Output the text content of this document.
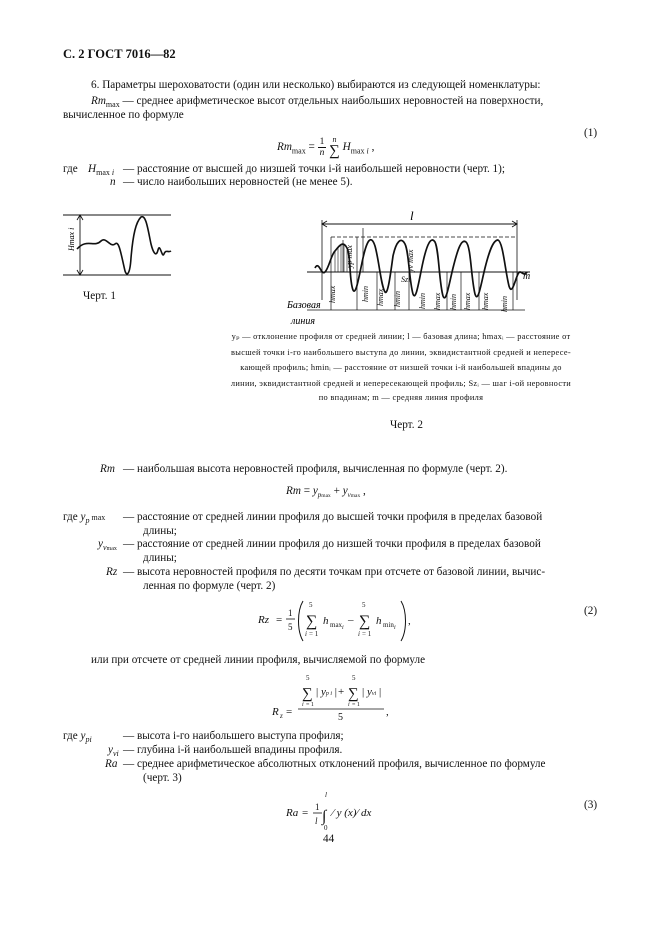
С. 2 ГОСТ 7016—82
6. Параметры шероховатости (один или несколько) выбираются из следующей номенклатуры:
$Rm_{max}$ — среднее арифметическое высот отдельных наибольших неровностей на поверхности,
вычисленное по формуле
$Rm_{max} = 1$
n n
∑ $H_{max i}$ ,
(1)
где $H_{max i}$ — расстояние от высшей до низшей точки i-й наибольшей неровности (черт. 1);
n — число наибольших неровностей (не менее 5).
Hmax i
Черт. 1
l
m
hmax
yp max
hmin hmax
Szi
hmin
yv max
hmin hmax hmin hmax hmax hmin
Базовая
линия
yₚ — отклонение профиля от средней линии; l — базовая длина; hmaxᵢ — расстояние от
высшей точки i-го наибольшего выступа до линии, эквидистантной средней и непересе-
кающей профиль; hminᵢ — расстояние от низшей точки i-й наибольшей впадины до
линии, эквидистантной средней и непересекающей профиль; Szᵢ — шаг i-ой неровности
по впадинам; m — средняя линия профиля
Черт. 2
Rm — наибольшая высота неровностей профиля, вычисленная по формуле (черт. 2).
$Rm = y_{pmax} + y_{vmax}$ ,
где $y_p$ max — расстояние от средней линии профиля до высшей точки профиля в пределах базовой
длины;
$y_{vmax}$ — расстояние от средней линии профиля до низшей точки профиля в пределах базовой
длины;
Rz — высота неровностей профиля по десяти точкам при отсчете от базовой линии, вычис-
ленная по формуле (черт. 2)
Rz =
1
5
5
∑
i = 1
h max i
–
5
∑
i = 1
h min i
,
(2)
или при отсчете от средней линии профиля, вычисляемой по формуле
R z =
5
∑
i = 1
| yp i | +
5
∑
i = 1
| yvi |
5	,
где $y_{pi}$	— высота i-го наибольшего выступа профиля;
$y_{vi}$ — глубина i-й наибольшей впадины профиля.
Ra — среднее арифметическое абсолютных отклонений профиля, вычисленное по формуле
(черт. 3)
Ra = 1
l
l
∫
0
⁄ y (x)⁄ dx
(3)
44
